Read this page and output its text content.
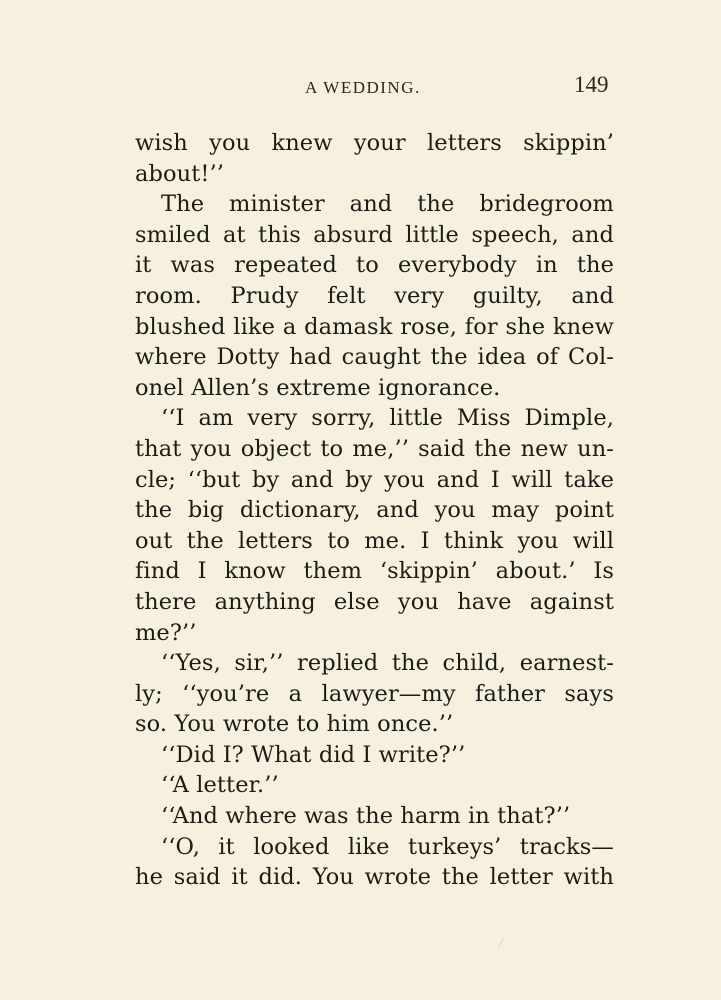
A WEDDING.	149
wish you knew your letters skippin’
about!’’
The minister and the bridegroom
smiled at this absurd little speech, and
it was repeated to everybody in the
room. Prudy felt very guilty, and
blushed like a damask rose, for she knew
where Dotty had caught the idea of Col-
onel Allen’s extreme ignorance.
‘‘I am very sorry, little Miss Dimple,
that you object to me,’’ said the new un-
cle; ‘‘but by and by you and I will take
the big dictionary, and you may point
out the letters to me. I think you will
find I know them ‘skippin’ about.’ Is
there anything else you have against
me?’’
‘‘Yes, sir,’’ replied the child, earnest-
ly; ‘‘you’re a lawyer—my father says
so. You wrote to him once.’’
‘‘Did I? What did I write?’’
‘‘A letter.’’
‘‘And where was the harm in that?’’
‘‘O, it looked like turkeys’ tracks—
he said it did. You wrote the letter with
⁄
